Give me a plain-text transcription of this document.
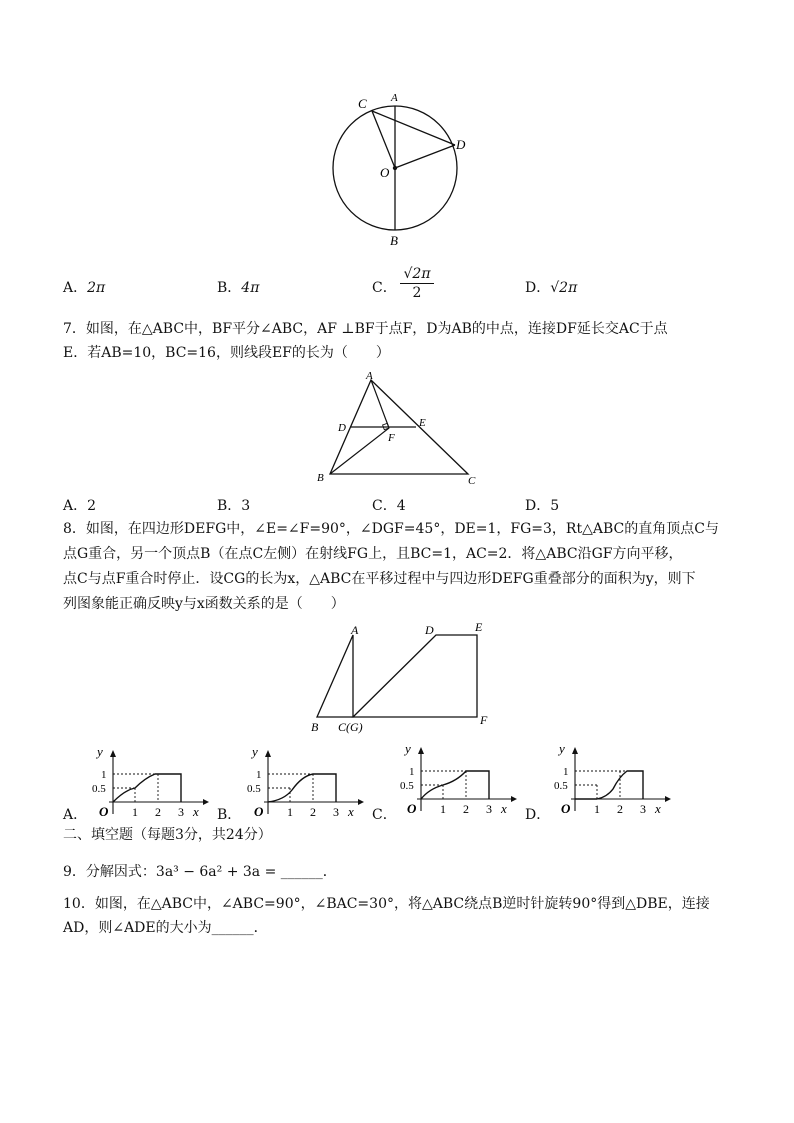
C A
D
O
B
A．2π	B．4π	C．
√2π
2	D．√2π
7．如图，在△ABC中，BF平分∠ABC，AF ⊥BF于点F，D为AB的中点，连接DF延长交AC于点
E．若AB=10，BC=16，则线段EF的长为（　　）
A
D	E
F
B	C
A．2	B．3	C．4	D．5
8．如图，在四边形DEFG中，∠E=∠F=90°，∠DGF=45°，DE=1，FG=3，Rt△ABC的直角顶点C与
点G重合，另一个顶点B（在点C左侧）在射线FG上，且BC=1，AC=2．将△ABC沿GF方向平移，
点C与点F重合时停止．设CG的长为x，△ABC在平移过程中与四边形DEFG重叠部分的面积为y，则下
列图象能正确反映y与x函数关系的是（　　）
A	D	E
B C(G)	F
A．
y
1
0.5
O 1 2 3 x B．
y
1
0.5
O 1 2 3 x C．
y
1
0.5
O 1 2 3 x D．
y
1
0.5
O 1 2 3 x
二、填空题（每题3分，共24分）
9．分解因式：3a³ − 6a² + 3a = ______．
10．如图，在△ABC中，∠ABC=90°，∠BAC=30°，将△ABC绕点B逆时针旋转90°得到△DBE，连接
AD，则∠ADE的大小为______．
